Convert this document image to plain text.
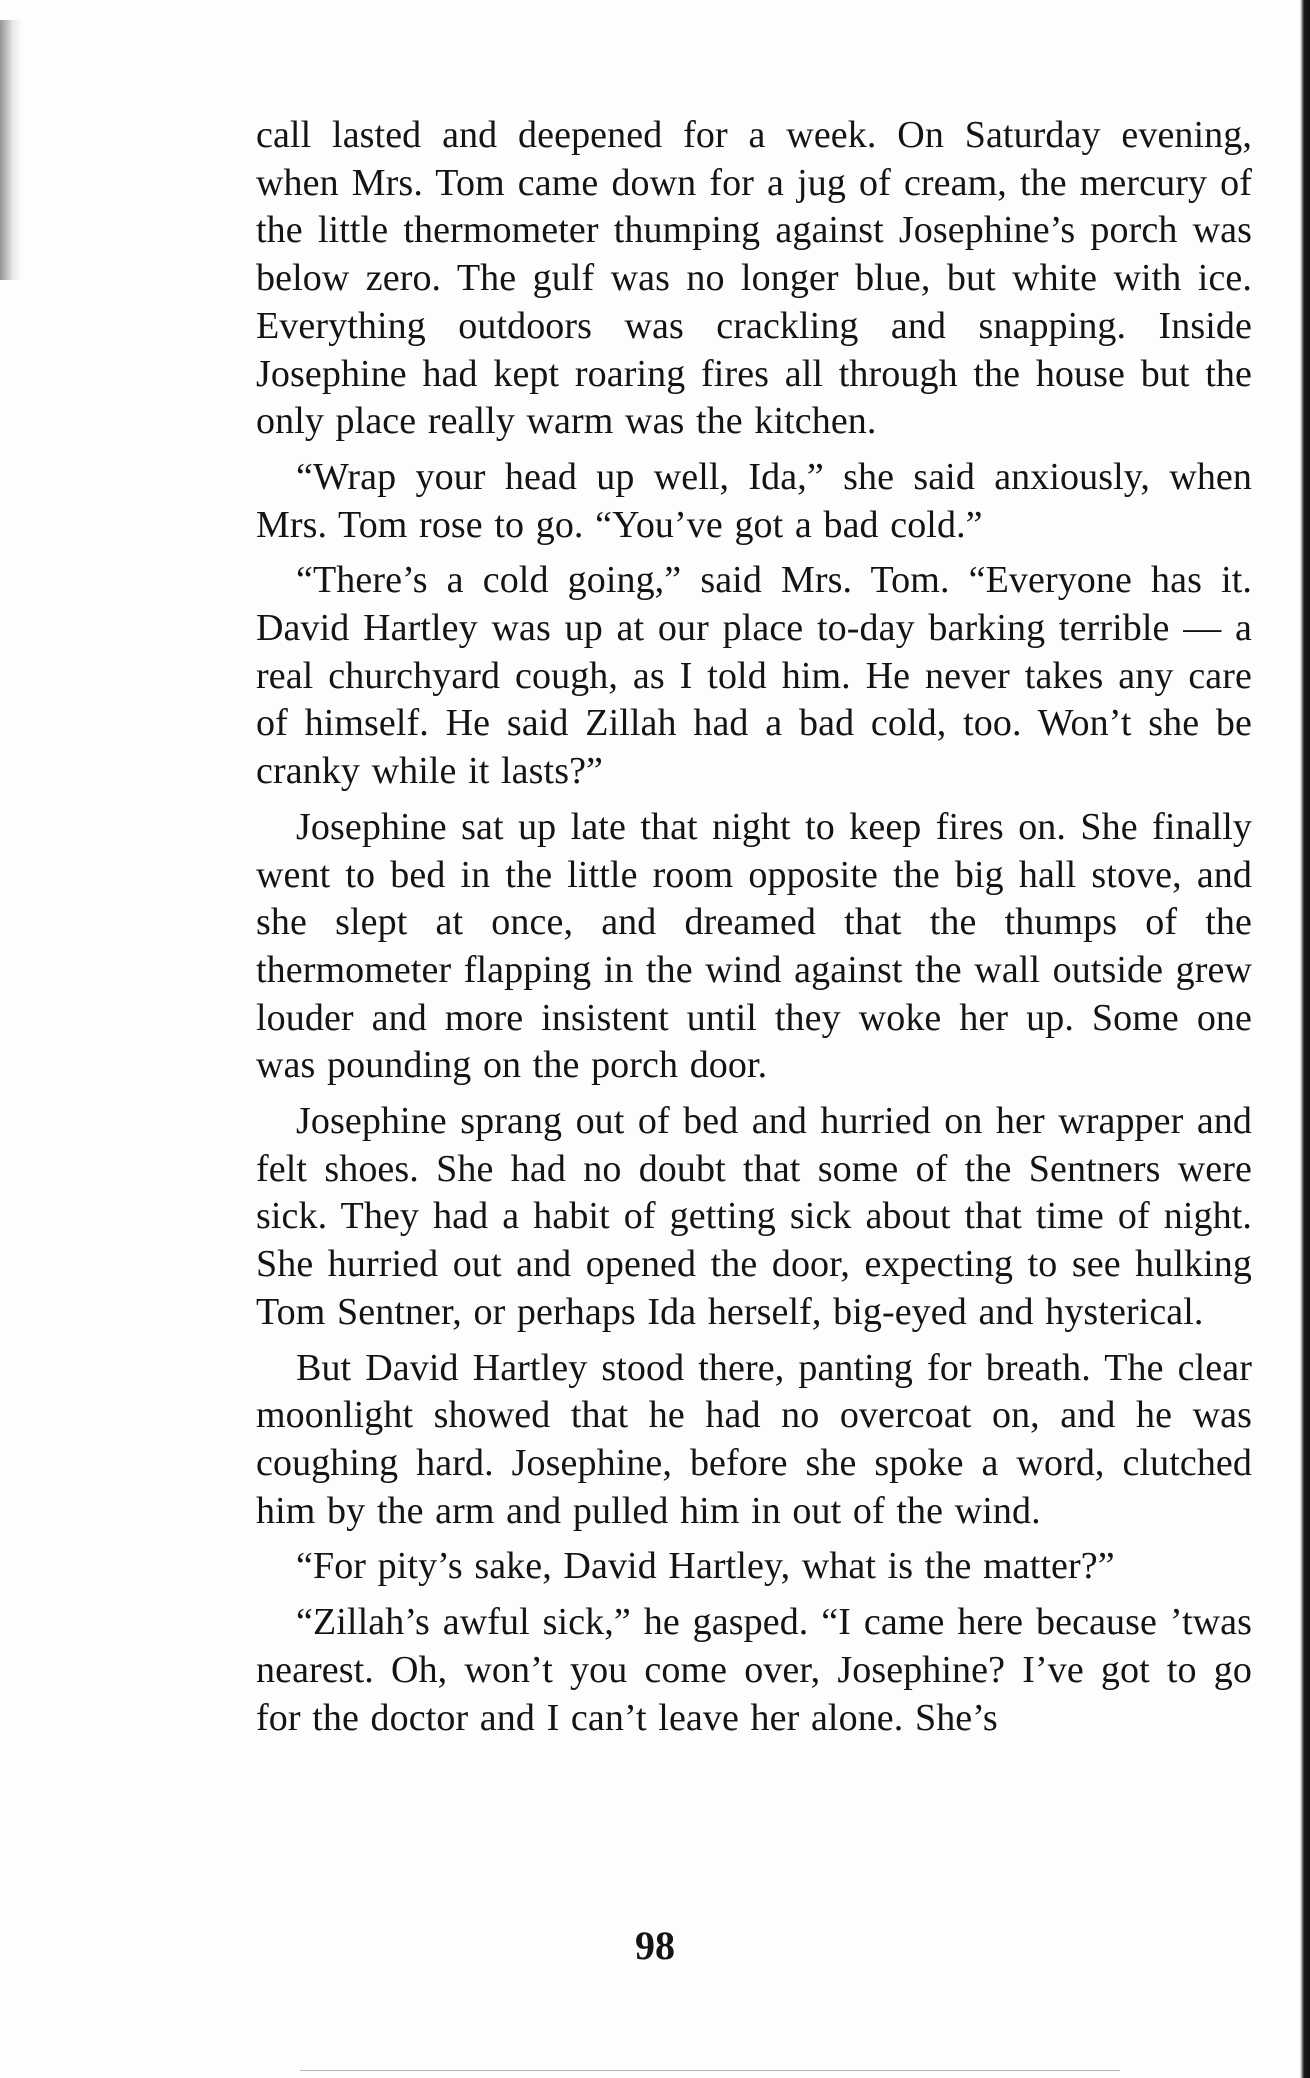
call lasted and deepened for a week. On Saturday evening, when Mrs. Tom came down for a jug of cream, the mercury of the little thermometer thumping against Josephine’s porch was below zero. The gulf was no longer blue, but white with ice. Everything outdoors was crackling and snapping. Inside Josephine had kept roaring fires all through the house but the only place really warm was the kitchen.

“Wrap your head up well, Ida,” she said anxiously, when Mrs. Tom rose to go. “You’ve got a bad cold.”

“There’s a cold going,” said Mrs. Tom. “Everyone has it. David Hartley was up at our place to-day barking terrible — a real churchyard cough, as I told him. He never takes any care of himself. He said Zillah had a bad cold, too. Won’t she be cranky while it lasts?”

Josephine sat up late that night to keep fires on. She finally went to bed in the little room opposite the big hall stove, and she slept at once, and dreamed that the thumps of the thermometer flapping in the wind against the wall outside grew louder and more insistent until they woke her up. Some one was pounding on the porch door.

Josephine sprang out of bed and hurried on her wrapper and felt shoes. She had no doubt that some of the Sentners were sick. They had a habit of getting sick about that time of night. She hurried out and opened the door, expecting to see hulking Tom Sentner, or perhaps Ida herself, big-eyed and hysterical.

But David Hartley stood there, panting for breath. The clear moonlight showed that he had no overcoat on, and he was coughing hard. Josephine, before she spoke a word, clutched him by the arm and pulled him in out of the wind.

“For pity’s sake, David Hartley, what is the matter?”

“Zillah’s awful sick,” he gasped. “I came here because ’twas nearest. Oh, won’t you come over, Josephine? I’ve got to go for the doctor and I can’t leave her alone. She’s

98
